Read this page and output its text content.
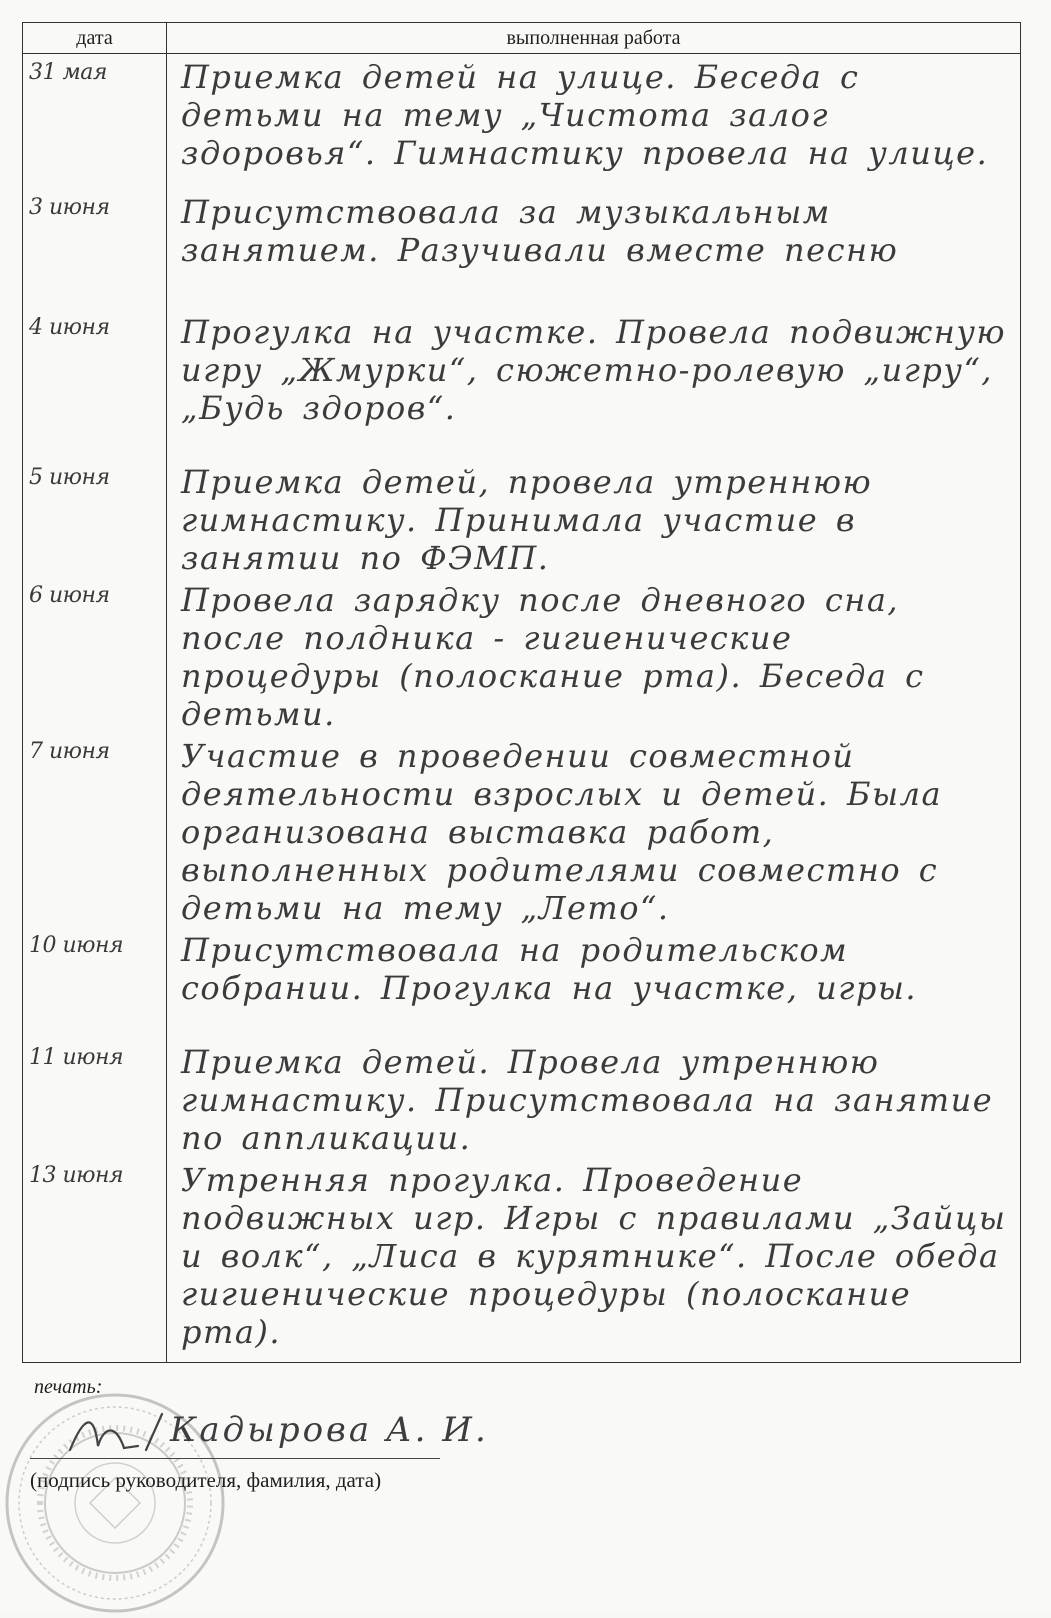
дата	выполненная работа

31 мая	Приемка детей на улице. Беседа с детьми на тему „Чистота залог здоровья“. Гимнастику провела на улице.

3 июня	Присутствовала за музыкальным занятием. Разучивали вместе песню

4 июня	Прогулка на участке. Провела подвижную игру „Жмурки“, сюжетно-ролевую „игру“, „Будь здоров“.

5 июня	Приемка детей, провела утреннюю гимнастику. Принимала участие в занятии по ФЭМП.

6 июня	Провела зарядку после дневного сна, после полдника - гигиенические процедуры (полоскание рта). Беседа с детьми.

7 июня	Участие в проведении совместной деятельности взрослых и детей. Была организована выставка работ, выполненных родителями совместно с детьми на тему „Лето“.

10 июня	Присутствовала на родительском собрании. Прогулка на участке, игры.

11 июня	Приемка детей. Провела утреннюю гимнастику. Присутствовала на занятие по аппликации.

13 июня	Утренняя прогулка. Проведение подвижных игр. Игры с правилами „Зайцы и волк“, „Лиса в курятнике“. После обеда гигиенические процедуры (полоскание рта).
печать:
Кадырова А. И.
(подпись руководителя, фамилия, дата)
